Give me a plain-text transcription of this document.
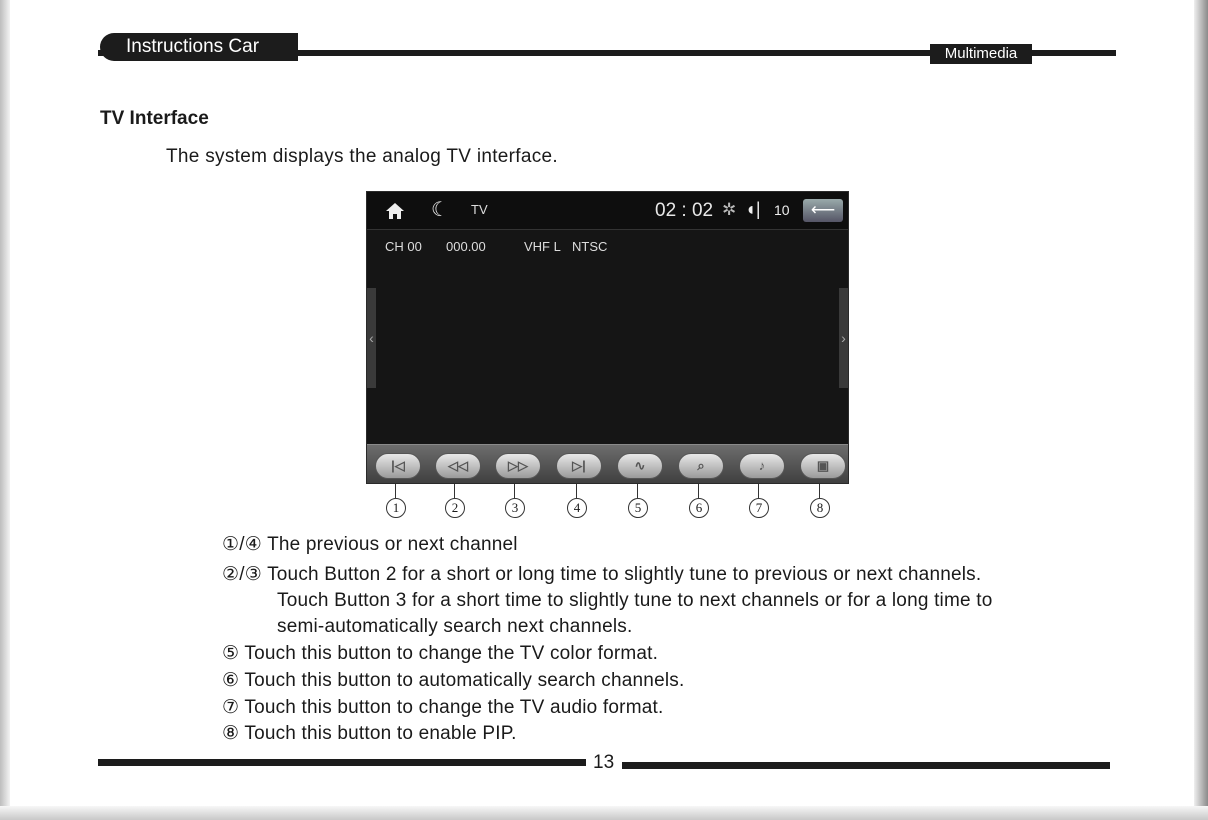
Instructions Car	Multimedia
TV Interface
The system displays the analog TV interface.
☾ TV	02 : 02 ✲ ◖| 10	⟵
CH 00 000.00	VHF L NTSC
‹	›
|◁	◁◁	▷▷	▷|	∿	⌕	♪	▣
1	2	3	4	5	6	7	8
①/④ The previous or next channel
②/③ Touch Button 2 for a short or long time to slightly tune to previous or next channels.
Touch Button 3 for a short time to slightly tune to next channels or for a long time to
semi-automatically search next channels.
⑤ Touch this button to change the TV color format.
⑥ Touch this button to automatically search channels.
⑦ Touch this button to change the TV audio format.
⑧ Touch this button to enable PIP.
13
